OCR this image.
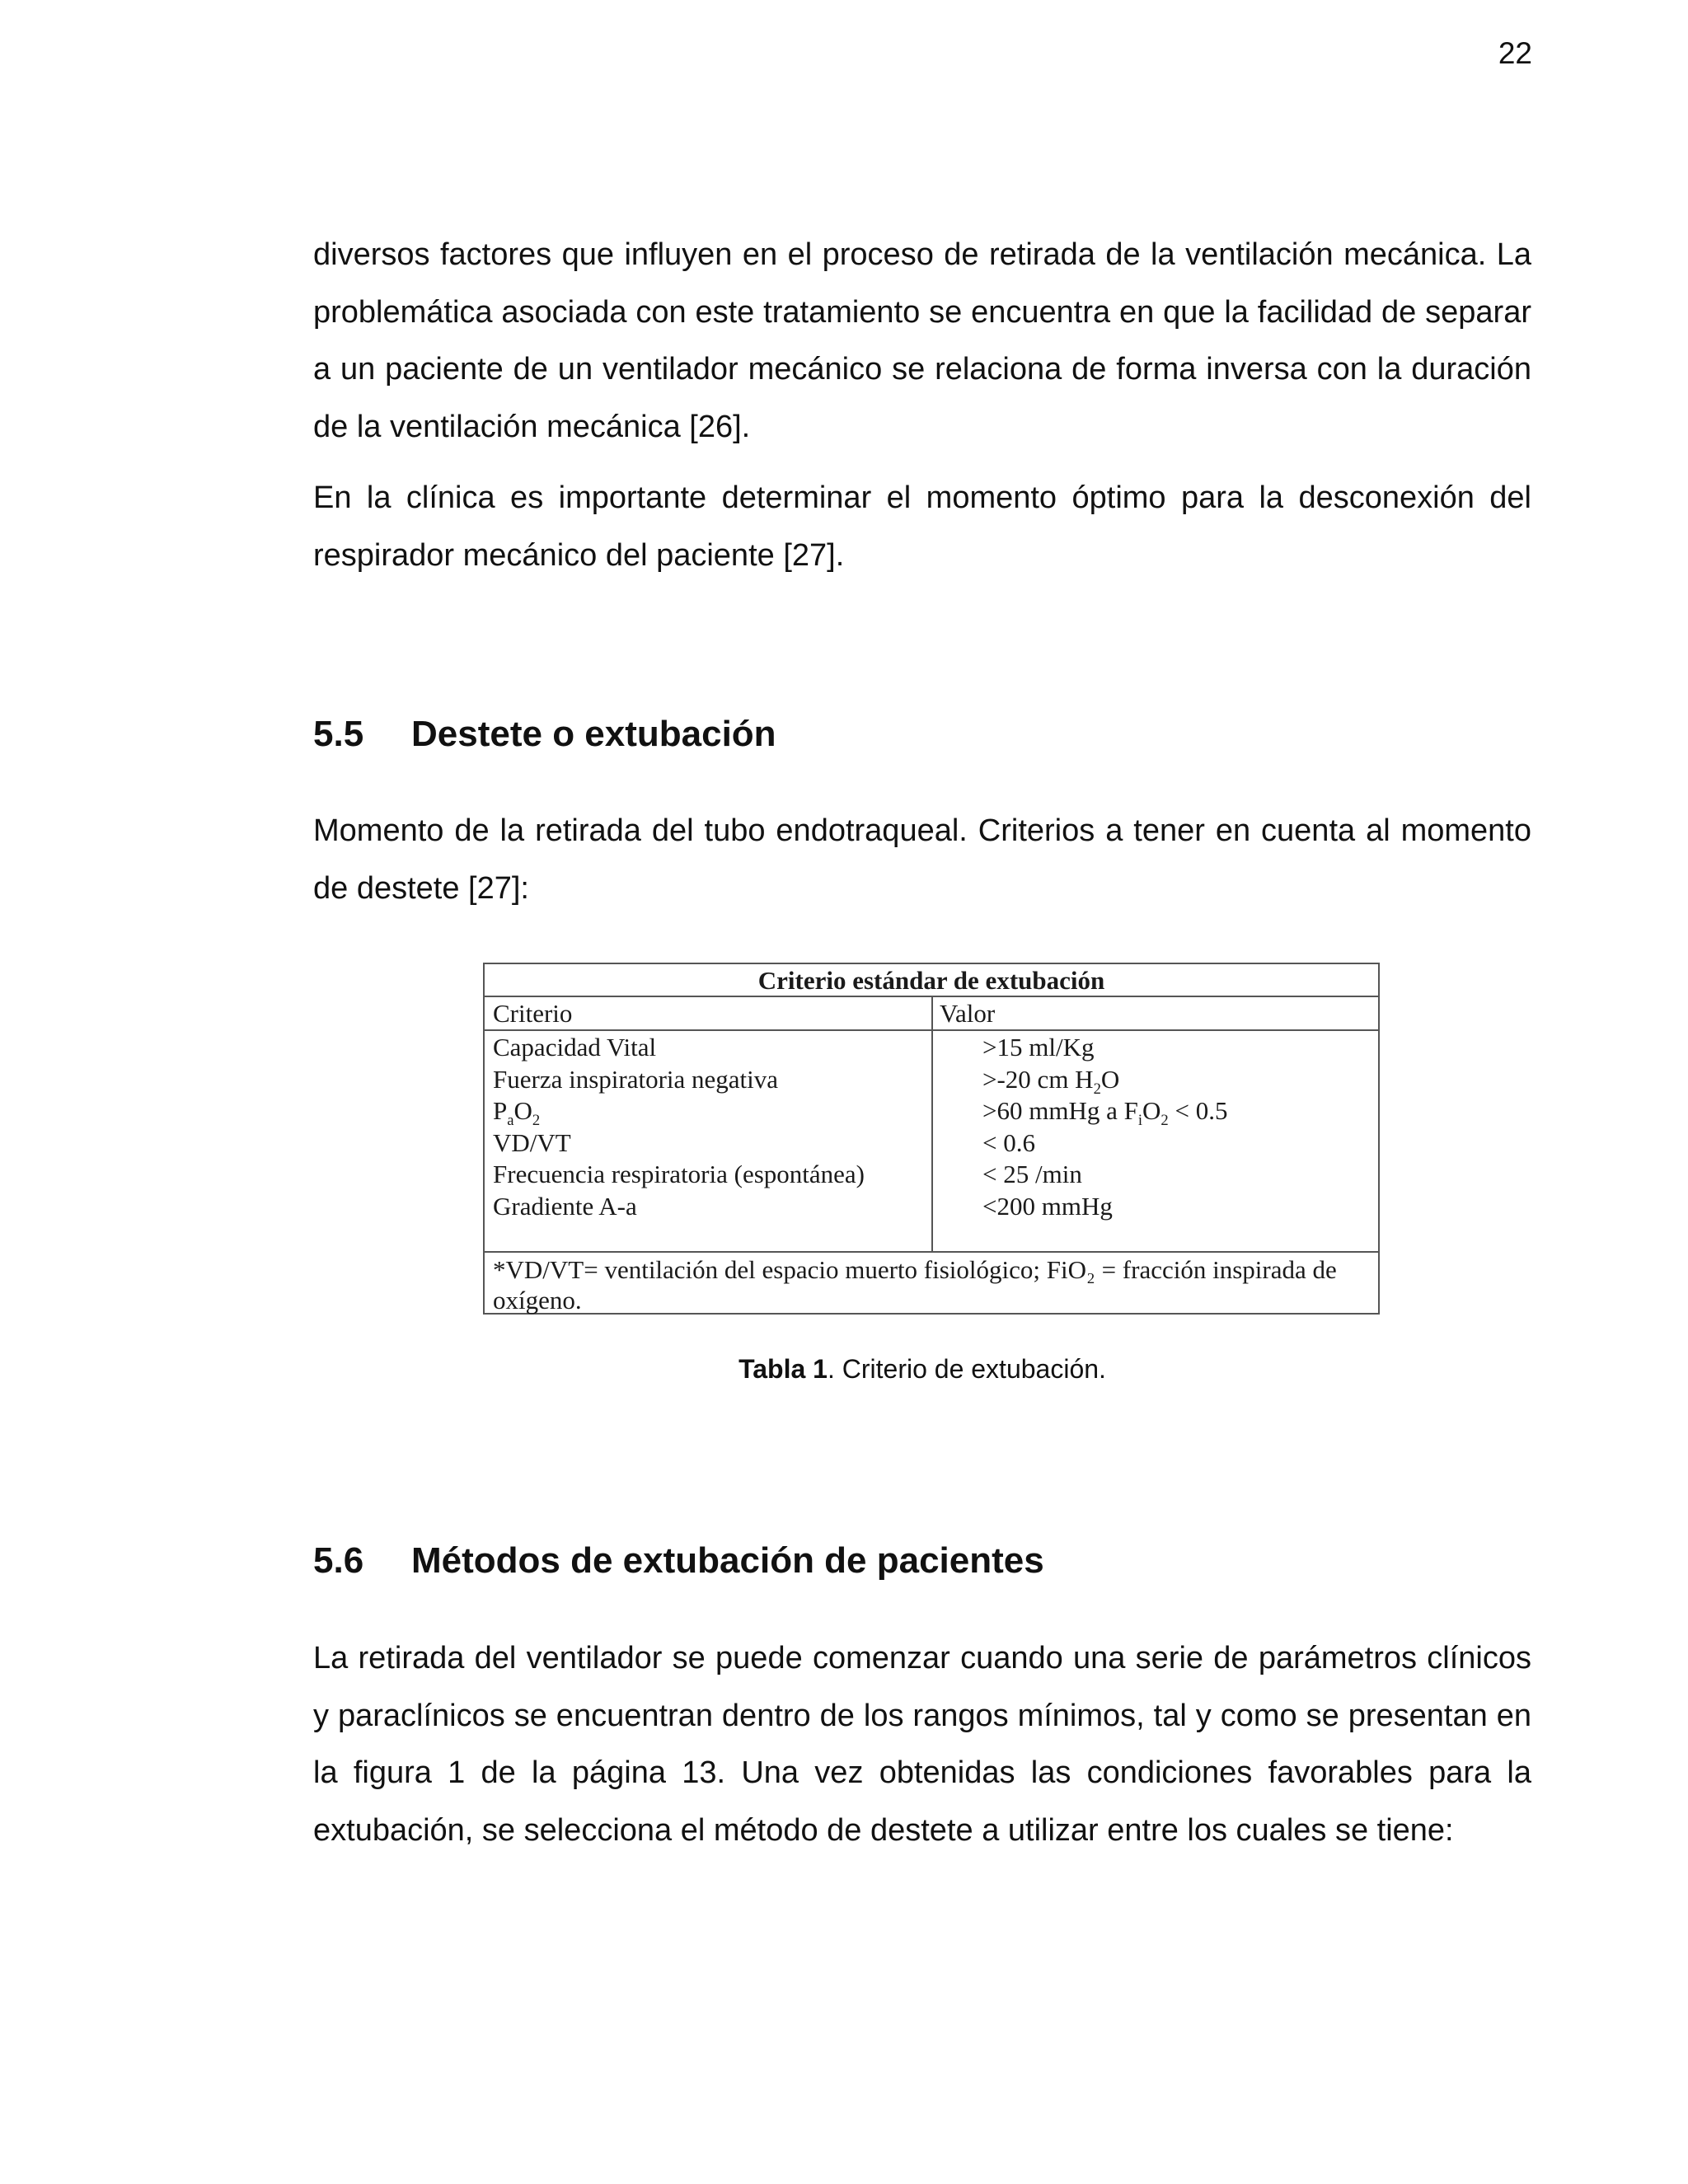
22

diversos factores que influyen en el proceso de retirada de la ventilación mecánica. La problemática asociada con este tratamiento se encuentra en que la facilidad de separar a un paciente de un ventilador mecánico se relaciona de forma inversa con la duración de la ventilación mecánica [26].

En la clínica es importante determinar el momento óptimo para la desconexión del respirador mecánico del paciente [27].

5.5 Destete o extubación

Momento de la retirada del tubo endotraqueal. Criterios a tener en cuenta al momento de destete [27]:

Criterio estándar de extubación
Criterio	Valor
Capacidad Vital	>15 ml/Kg
Fuerza inspiratoria negativa	>-20 cm $H_2O$
$P_aO_2$	>60 mmHg a $F_iO_2 < 0.5$
VD/VT	< 0.6
Frecuencia respiratoria (espontánea)	< 25 /min
Gradiente A-a	<200 mmHg
*VD/VT= ventilación del espacio muerto fisiológico; FiO₂ = fracción inspirada de oxígeno.
Tabla 1. Criterio de extubación.
5.6 Métodos de extubación de pacientes

La retirada del ventilador se puede comenzar cuando una serie de parámetros clínicos y paraclínicos se encuentran dentro de los rangos mínimos, tal y como se presentan en la figura 1 de la página 13. Una vez obtenidas las condiciones favorables para la extubación, se selecciona el método de destete a utilizar entre los cuales se tiene:
